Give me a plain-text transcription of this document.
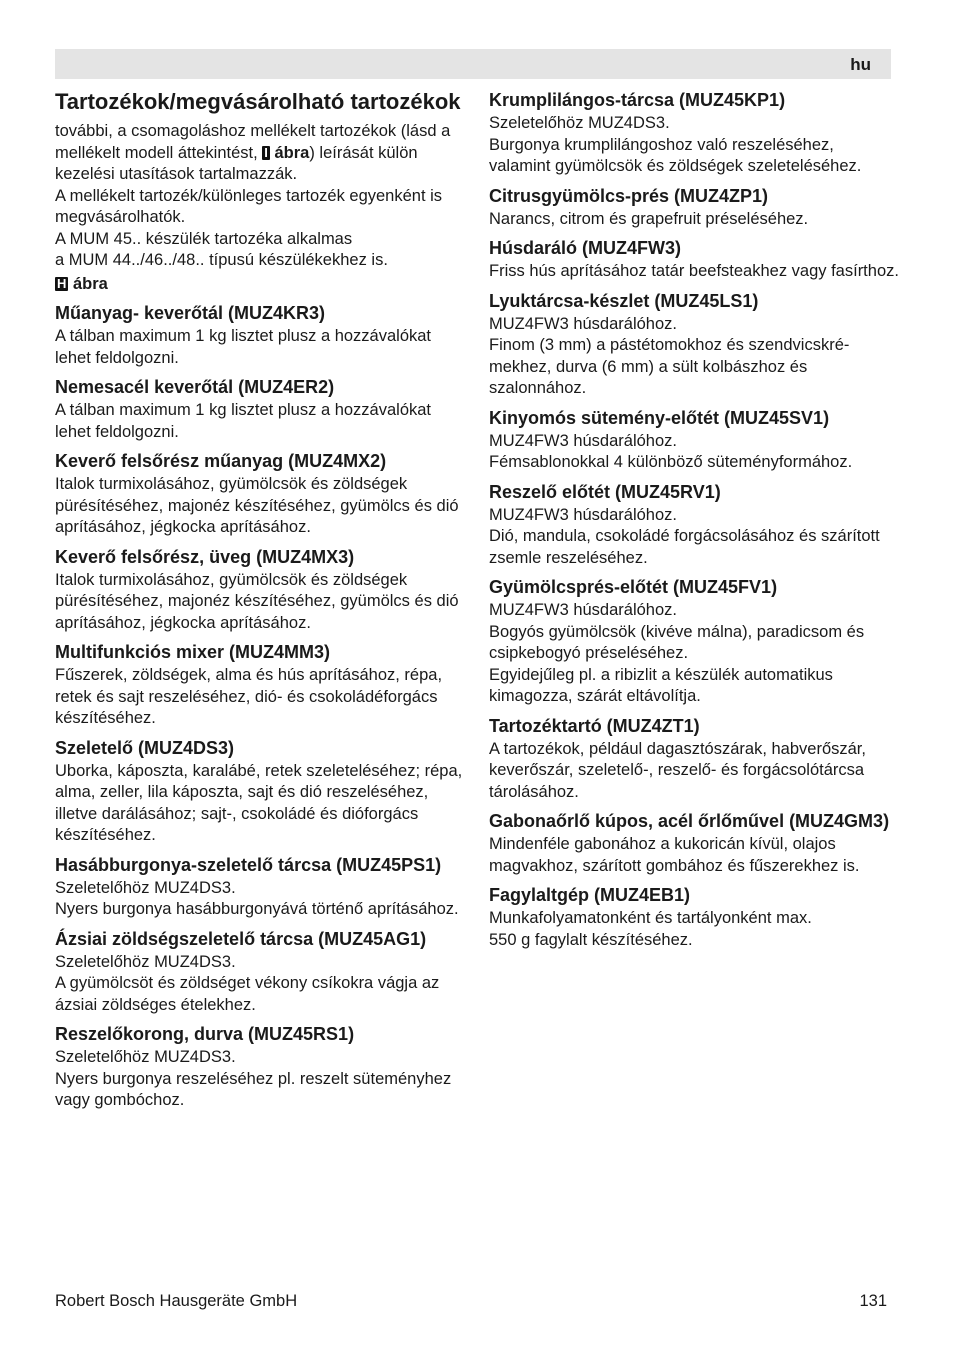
hu
Tartozékok/megvásárolható tartozékok

további, a csomagoláshoz mellékelt tartozékok (lásd a mellékelt modell áttekintést, I ábra) leírását külön kezelési utasítások tartalmazzák.

A mellékelt tartozék/különleges tartozék egyenként is megvásárolhatók.

A MUM 45.. készülék tartozéka alkalmas

a MUM 44../46../48.. típusú készülékekhez is.

H ábra

Műanyag- keverőtál (MUZ4KR3)

A tálban maximum 1 kg lisztet plusz a hozzávalókat lehet feldolgozni.

Nemesacél keverőtál (MUZ4ER2)

A tálban maximum 1 kg lisztet plusz a hozzávalókat lehet feldolgozni.

Keverő felsőrész műanyag (MUZ4MX2)

Italok turmixolásához, gyümölcsök és zöldségek pürésítéséhez, majonéz készítéséhez, gyümölcs és dió aprításához, jégkocka aprításához.

Keverő felsőrész, üveg (MUZ4MX3)

Italok turmixolásához, gyümölcsök és zöldségek pürésítéséhez, majonéz készítéséhez, gyümölcs és dió aprításához, jégkocka aprításához.

Multifunkciós mixer (MUZ4MM3)

Fűszerek, zöldségek, alma és hús aprításához, répa, retek és sajt reszeléséhez, dió- és csokoládéforgács készítéséhez.

Szeletelő (MUZ4DS3)

Uborka, káposzta, karalábé, retek szeleteléséhez; répa, alma, zeller, lila káposzta, sajt és dió reszeléséhez, illetve darálásához; sajt-, csokoládé és dióforgács készítéséhez.

Hasábburgonya-szeletelő tárcsa (MUZ45PS1)

Szeletelőhöz MUZ4DS3.

Nyers burgonya hasábburgonyává történő aprításához.

Ázsiai zöldségszeletelő tárcsa (MUZ45AG1)

Szeletelőhöz MUZ4DS3.

A gyümölcsöt és zöldséget vékony csíkokra vágja az ázsiai zöldséges ételekhez.

Reszelőkorong, durva (MUZ45RS1)

Szeletelőhöz MUZ4DS3.

Nyers burgonya reszeléséhez pl. reszelt süteményhez vagy gombóchoz.

Krumplilángos-tárcsa (MUZ45KP1)

Szeletelőhöz MUZ4DS3.

Burgonya krumplilángoshoz való reszeléséhez, valamint gyümölcsök és zöldségek szeleteléséhez.

Citrusgyümölcs-prés (MUZ4ZP1)

Narancs, citrom és grapefruit préseléséhez.

Húsdaráló (MUZ4FW3)

Friss hús aprításához tatár beefsteakhez vagy fasírthoz.

Lyuktárcsa-készlet (MUZ45LS1)

MUZ4FW3 húsdarálóhoz.

Finom (3 mm) a pástétomokhoz és szendvicskrémekhez, durva (6 mm) a sült kolbászhoz és szalonnához.

Kinyomós sütemény-előtét (MUZ45SV1)

MUZ4FW3 húsdarálóhoz.

Fémsablonokkal 4 különböző süteményformához.

Reszelő előtét (MUZ45RV1)

MUZ4FW3 húsdarálóhoz.

Dió, mandula, csokoládé forgácsolásához és szárított zsemle reszeléséhez.

Gyümölcsprés-előtét (MUZ45FV1)

MUZ4FW3 húsdarálóhoz.

Bogyós gyümölcsök (kivéve málna), paradicsom és csipkebogyó préseléséhez.

Egyidejűleg pl. a ribizlit a készülék automatikus kimagozza, szárát eltávolítja.

Tartozéktartó (MUZ4ZT1)

A tartozékok, például dagasztószárak, habverőszár, keverőszár, szeletelő-, reszelő- és forgácsolótárcsa tárolásához.

Gabonaőrlő kúpos, acél őrlőművel (MUZ4GM3)

Mindenféle gabonához a kukoricán kívül, olajos magvakhoz, szárított gombához és fűszerekhez is.

Fagylaltgép (MUZ4EB1)

Munkafolyamatonként és tartályonként max.

550 g fagylalt készítéséhez.

Robert Bosch Hausgeräte GmbH	131
